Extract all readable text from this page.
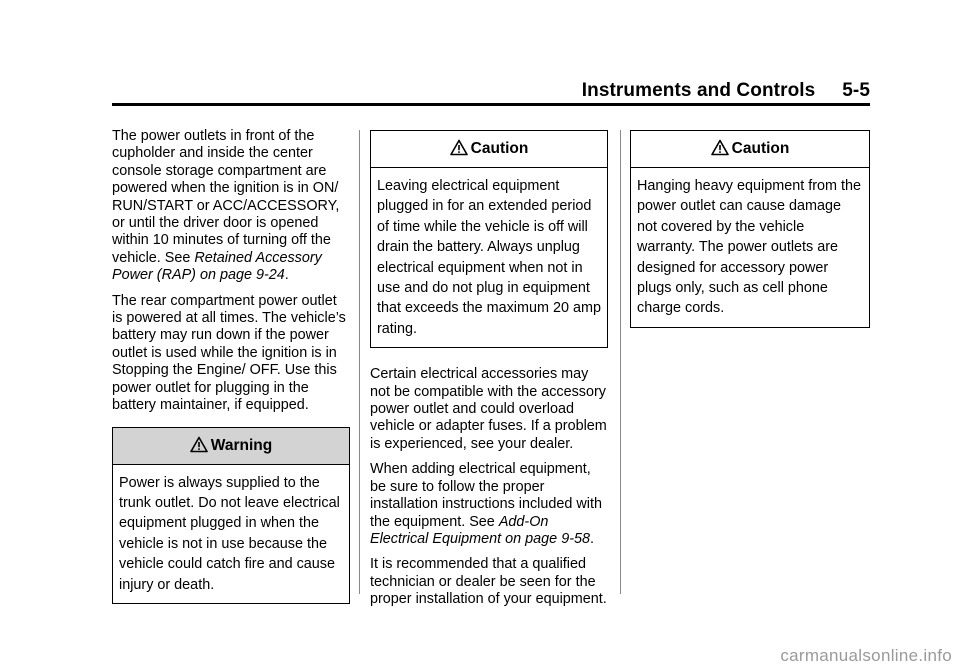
Instruments and Controls 5-5

The power outlets in front of the cupholder and inside the center console storage compartment are powered when the ignition is in ON/ RUN/START or ACC/ACCESSORY, or until the driver door is opened within 10 minutes of turning off the vehicle. See Retained Accessory Power (RAP) on page 9-24.

The rear compartment power outlet is powered at all times. The vehicle’s battery may run down if the power outlet is used while the ignition is in Stopping the Engine/ OFF. Use this power outlet for plugging in the battery maintainer, if equipped.

Warning
Power is always supplied to the trunk outlet. Do not leave electrical equipment plugged in when the vehicle is not in use because the vehicle could catch fire and cause injury or death.
Caution
Leaving electrical equipment plugged in for an extended period of time while the vehicle is off will drain the battery. Always unplug electrical equipment when not in use and do not plug in equipment that exceeds the maximum 20 amp rating.

Certain electrical accessories may not be compatible with the accessory power outlet and could overload vehicle or adapter fuses. If a problem is experienced, see your dealer.

When adding electrical equipment, be sure to follow the proper installation instructions included with the equipment. See Add-On Electrical Equipment on page 9-58.

It is recommended that a qualified technician or dealer be seen for the proper installation of your equipment.

Caution
Hanging heavy equipment from the power outlet can cause damage not covered by the vehicle warranty. The power outlets are designed for accessory power plugs only, such as cell phone charge cords.
carmanualsonline.info
